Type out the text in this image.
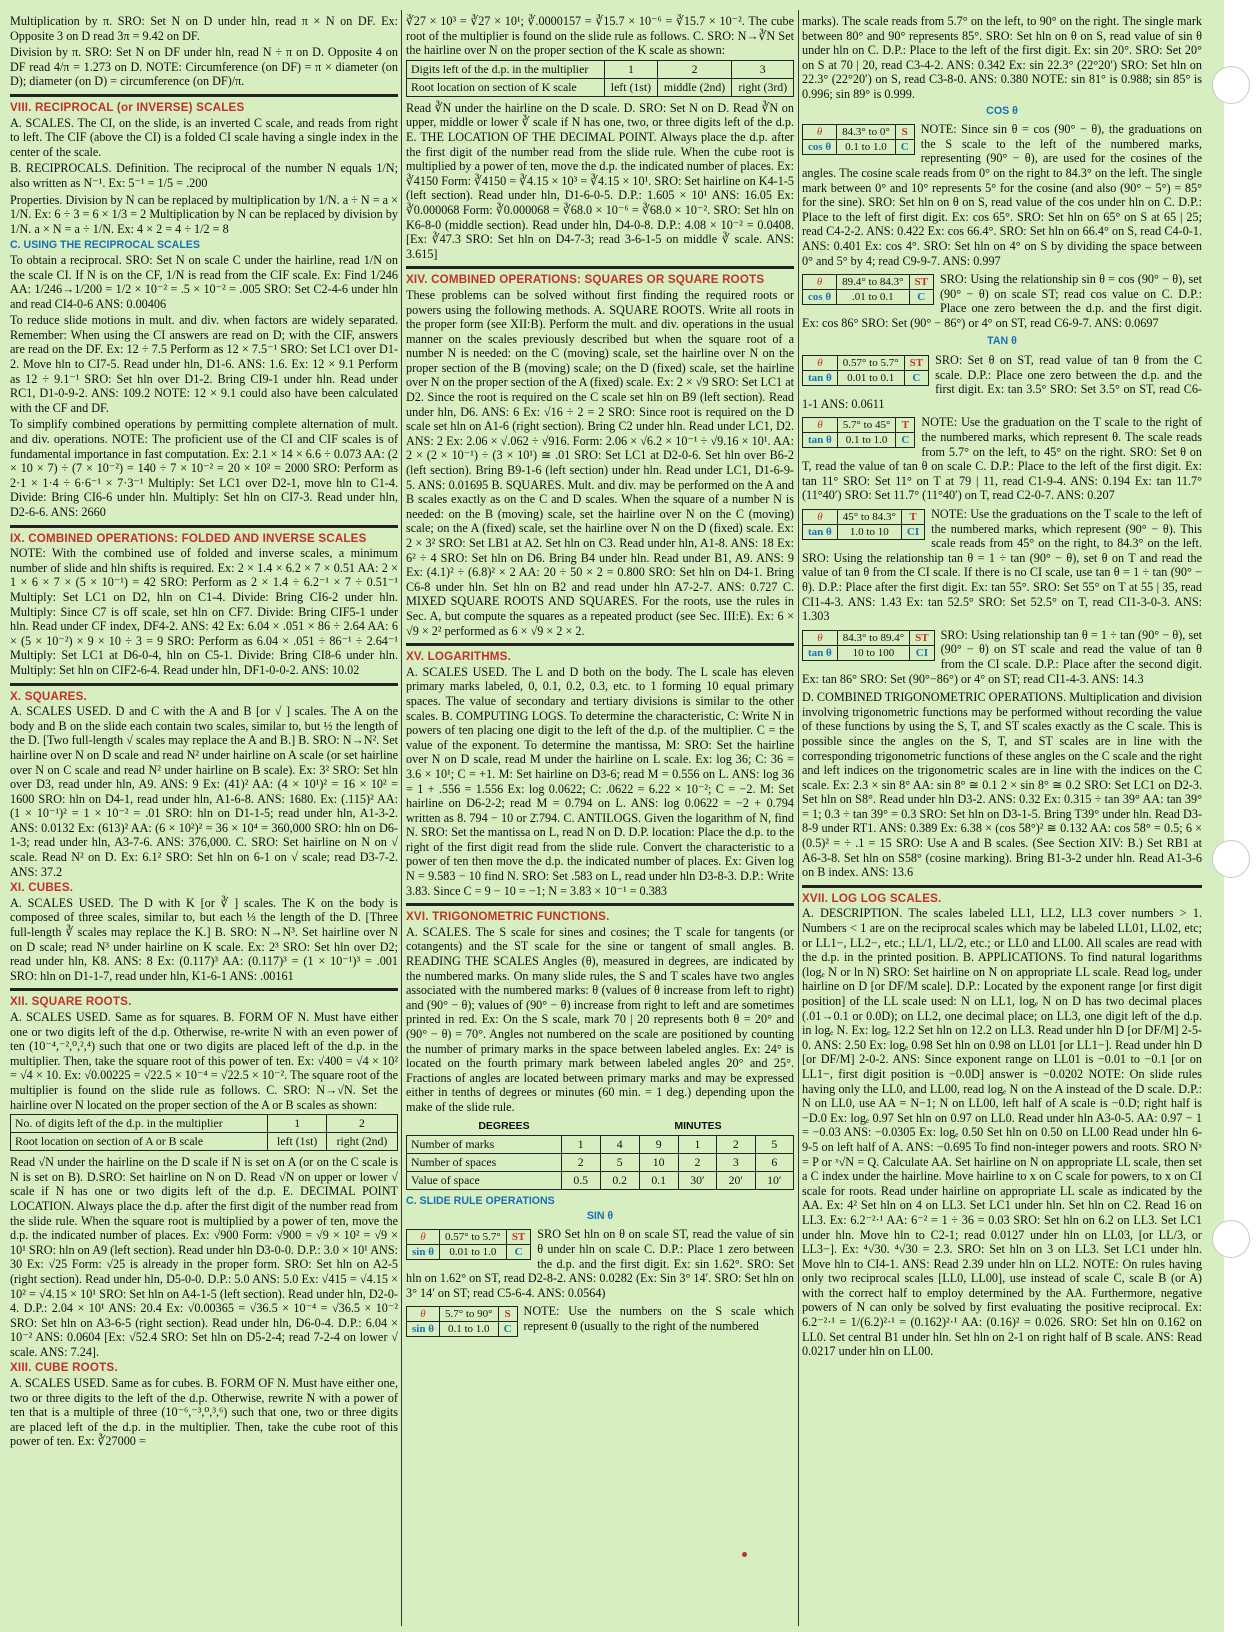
Multiplication by π. SRO: Set N on D under hln, read π × N on DF. Ex: Opposite 3 on D read 3π = 9.42 on DF.

Division by π. SRO: Set N on DF under hln, read N ÷ π on D. Opposite 4 on DF read 4/π = 1.273 on D. NOTE: Circumference (on DF) = π × diameter (on D); diameter (on D) = circumference (on DF)/π.

VIII. RECIPROCAL (or INVERSE) SCALES

A. SCALES. The CI, on the slide, is an inverted C scale, and reads from right to left. The CIF (above the CI) is a folded CI scale having a single index in the center of the scale.

B. RECIPROCALS. Definition. The reciprocal of the number N equals 1/N; also written as N⁻¹. Ex: 5⁻¹ = 1/5 = .200

Properties. Division by N can be replaced by multiplication by 1/N. a ÷ N = a × 1/N. Ex: 6 ÷ 3 = 6 × 1/3 = 2 Multiplication by N can be replaced by division by 1/N. a × N = a ÷ 1/N. Ex: 4 × 2 = 4 ÷ 1/2 = 8

C. USING THE RECIPROCAL SCALES

To obtain a reciprocal. SRO: Set N on scale C under the hairline, read 1/N on the scale CI. If N is on the CF, 1/N is read from the CIF scale. Ex: Find 1/246 AA: 1/246→1/200 = 1/2 × 10⁻² = .5 × 10⁻² = .005 SRO: Set C2-4-6 under hln and read CI4-0-6 ANS: 0.00406

To reduce slide motions in mult. and div. when factors are widely separated. Remember: When using the CI answers are read on D; with the CIF, answers are read on the DF. Ex: 12 ÷ 7.5 Perform as 12 × 7.5⁻¹ SRO: Set LC1 over D1-2. Move hln to CI7-5. Read under hln, D1-6. ANS: 1.6. Ex: 12 × 9.1 Perform as 12 ÷ 9.1⁻¹ SRO: Set hln over D1-2. Bring CI9-1 under hln. Read under RC1, D1-0-9-2. ANS: 109.2 NOTE: 12 × 9.1 could also have been calculated with the CF and DF.

To simplify combined operations by permitting complete alternation of mult. and div. operations. NOTE: The proficient use of the CI and CIF scales is of fundamental importance in fast computation. Ex: 2.1 × 14 × 6.6 ÷ 0.073 AA: (2 × 10 × 7) ÷ (7 × 10⁻²) = 140 ÷ 7 × 10⁻² = 20 × 10² = 2000 SRO: Perform as 2·1 × 1·4 ÷ 6·6⁻¹ × 7·3⁻¹ Multiply: Set LC1 over D2-1, move hln to C1-4. Divide: Bring CI6-6 under hln. Multiply: Set hln on CI7-3. Read under hln, D2-6-6. ANS: 2660

IX. COMBINED OPERATIONS: FOLDED AND INVERSE SCALES

NOTE: With the combined use of folded and inverse scales, a minimum number of slide and hln shifts is required. Ex: 2 × 1.4 × 6.2 × 7 × 0.51 AA: 2 × 1 × 6 × 7 × (5 × 10⁻¹) = 42 SRO: Perform as 2 × 1.4 ÷ 6.2⁻¹ × 7 ÷ 0.51⁻¹ Multiply: Set LC1 on D2, hln on C1-4. Divide: Bring CI6-2 under hln. Multiply: Since C7 is off scale, set hln on CF7. Divide: Bring CIF5-1 under hln. Read under CF index, DF4-2. ANS: 42 Ex: 6.04 × .051 × 86 ÷ 2.64 AA: 6 × (5 × 10⁻²) × 9 × 10 ÷ 3 = 9 SRO: Perform as 6.04 × .051 ÷ 86⁻¹ ÷ 2.64⁻¹ Multiply: Set LC1 at D6-0-4, hln on C5-1. Divide: Bring CI8-6 under hln. Multiply: Set hln on CIF2-6-4. Read under hln, DF1-0-0-2. ANS: 10.02

X. SQUARES.

A. SCALES USED. D and C with the A and B [or √ ] scales. The A on the body and B on the slide each contain two scales, similar to, but ½ the length of the D. [Two full-length √ scales may replace the A and B.] B. SRO: N→N². Set hairline over N on D scale and read N² under hairline on A scale (or set hairline over N on C scale and read N² under hairline on B scale). Ex: 3² SRO: Set hln over D3, read under hln, A9. ANS: 9 Ex: (41)² AA: (4 × 10¹)² = 16 × 10² = 1600 SRO: hln on D4-1, read under hln, A1-6-8. ANS: 1680. Ex: (.115)² AA: (1 × 10⁻¹)² = 1 × 10⁻² = .01 SRO: hln on D1-1-5; read under hln, A1-3-2. ANS: 0.0132 Ex: (613)² AA: (6 × 10²)² = 36 × 10⁴ = 360,000 SRO: hln on D6-1-3; read under hln, A3-7-6. ANS: 376,000. C. SRO: Set hairline on N on √ scale. Read N² on D. Ex: 6.1² SRO: Set hln on 6-1 on √ scale; read D3-7-2. ANS: 37.2

XI. CUBES.

A. SCALES USED. The D with K [or ∛ ] scales. The K on the body is composed of three scales, similar to, but each ⅓ the length of the D. [Three full-length ∛ scales may replace the K.] B. SRO: N→N³. Set hairline over N on D scale; read N³ under hairline on K scale. Ex: 2³ SRO: Set hln over D2; read under hln, K8. ANS: 8 Ex: (0.117)³ AA: (0.117)³ = (1 × 10⁻¹)³ = .001 SRO: hln on D1-1-7, read under hln, K1-6-1 ANS: .00161

XII. SQUARE ROOTS.

A. SCALES USED. Same as for squares. B. FORM OF N. Must have either one or two digits left of the d.p. Otherwise, re-write N with an even power of ten (10⁻⁴,⁻²,⁰,²,⁴) such that one or two digits are placed left of the d.p. in the multiplier. Then, take the square root of this power of ten. Ex: √400 = √4 × 10² = √4 × 10. Ex: √0.00225 = √22.5 × 10⁻⁴ = √22.5 × 10⁻². The square root of the multiplier is found on the slide rule as follows. C. SRO: N→√N. Set the hairline over N located on the proper section of the A or B scales as shown:

No. of digits left of the d.p. in the multiplier	1	2
Root location on section of A or B scale	left (1st)	right (2nd)

Read √N under the hairline on the D scale if N is set on A (or on the C scale is N is set on B). D.SRO: Set hairline on N on D. Read √N on upper or lower √ scale if N has one or two digits left of the d.p. E. DECIMAL POINT LOCATION. Always place the d.p. after the first digit of the number read from the slide rule. When the square root is multiplied by a power of ten, move the d.p. the indicated number of places. Ex: √900 Form: √900 = √9 × 10² = √9 × 10¹ SRO: hln on A9 (left section). Read under hln D3-0-0. D.P.: 3.0 × 10¹ ANS: 30 Ex: √25 Form: √25 is already in the proper form. SRO: Set hln on A2-5 (right section). Read under hln, D5-0-0. D.P.: 5.0 ANS: 5.0 Ex: √415 = √4.15 × 10² = √4.15 × 10¹ SRO: Set hln on A4-1-5 (left section). Read under hln, D2-0-4. D.P.: 2.04 × 10¹ ANS: 20.4 Ex: √0.00365 = √36.5 × 10⁻⁴ = √36.5 × 10⁻² SRO: Set hln on A3-6-5 (right section). Read under hln, D6-0-4. D.P.: 6.04 × 10⁻² ANS: 0.0604 [Ex: √52.4 SRO: Set hln on D5-2-4; read 7-2-4 on lower √ scale. ANS: 7.24].

XIII. CUBE ROOTS.

A. SCALES USED. Same as for cubes. B. FORM OF N. Must have either one, two or three digits to the left of the d.p. Otherwise, rewrite N with a power of ten that is a multiple of three (10⁻⁶,⁻³,⁰,³,⁶) such that one, two or three digits are placed left of the d.p. in the multiplier. Then, take the cube root of this power of ten. Ex: ∛27000 =

∛27 × 10³ = ∛27 × 10¹; ∛.0000157 = ∛15.7 × 10⁻⁶ = ∛15.7 × 10⁻². The cube root of the multiplier is found on the slide rule as follows. C. SRO: N→∛N Set the hairline over N on the proper section of the K scale as shown:

Digits left of the d.p. in the multiplier	1	2	3
Root location on section of K scale	left (1st)	middle (2nd)	right (3rd)

Read ∛N under the hairline on the D scale. D. SRO: Set N on D. Read ∛N on upper, middle or lower ∛ scale if N has one, two, or three digits left of the d.p. E. THE LOCATION OF THE DECIMAL POINT. Always place the d.p. after the first digit of the number read from the slide rule. When the cube root is multiplied by a power of ten, move the d.p. the indicated number of places. Ex: ∛4150 Form: ∛4150 = ∛4.15 × 10³ = ∛4.15 × 10¹. SRO: Set hairline on K4-1-5 (left section). Read under hln, D1-6-0-5. D.P.: 1.605 × 10¹ ANS: 16.05 Ex: ∛0.000068 Form: ∛0.000068 = ∛68.0 × 10⁻⁶ = ∛68.0 × 10⁻². SRO: Set hln on K6-8-0 (middle section). Read under hln, D4-0-8. D.P.: 4.08 × 10⁻² = 0.0408. [Ex: ∛47.3 SRO: Set hln on D4-7-3; read 3-6-1-5 on middle ∛ scale. ANS: 3.615]

XIV. COMBINED OPERATIONS: SQUARES OR SQUARE ROOTS

These problems can be solved without first finding the required roots or powers using the following methods. A. SQUARE ROOTS. Write all roots in the proper form (see XII:B). Perform the mult. and div. operations in the usual manner on the scales previously described but when the square root of a number N is needed: on the C (moving) scale, set the hairline over N on the proper section of the B (moving) scale; on the D (fixed) scale, set the hairline over N on the proper section of the A (fixed) scale. Ex: 2 × √9 SRO: Set LC1 at D2. Since the root is required on the C scale set hln on B9 (left section). Read under hln, D6. ANS: 6 Ex: √16 ÷ 2 = 2 SRO: Since root is required on the D scale set hln on A1-6 (right section). Bring C2 under hln. Read under LC1, D2. ANS: 2 Ex: 2.06 × √.062 ÷ √916. Form: 2.06 × √6.2 × 10⁻¹ ÷ √9.16 × 10¹. AA: 2 × (2 × 10⁻¹) ÷ (3 × 10¹) ≅ .01 SRO: Set LC1 at D2-0-6. Set hln over B6-2 (left section). Bring B9-1-6 (left section) under hln. Read under LC1, D1-6-9-5. ANS: 0.01695 B. SQUARES. Mult. and div. may be performed on the A and B scales exactly as on the C and D scales. When the square of a number N is needed: on the B (moving) scale, set the hairline over N on the C (moving) scale; on the A (fixed) scale, set the hairline over N on the D (fixed) scale. Ex: 2 × 3² SRO: Set LB1 at A2. Set hln on C3. Read under hln, A1-8. ANS: 18 Ex: 6² ÷ 4 SRO: Set hln on D6. Bring B4 under hln. Read under B1, A9. ANS: 9 Ex: (4.1)² ÷ (6.8)² × 2 AA: 20 ÷ 50 × 2 = 0.800 SRO: Set hln on D4-1. Bring C6-8 under hln. Set hln on B2 and read under hln A7-2-7. ANS: 0.727 C. MIXED SQUARE ROOTS AND SQUARES. For the roots, use the rules in Sec. A, but compute the squares as a repeated product (see Sec. III:E). Ex: 6 × √9 × 2² performed as 6 × √9 × 2 × 2.

XV. LOGARITHMS.

A. SCALES USED. The L and D both on the body. The L scale has eleven primary marks labeled, 0, 0.1, 0.2, 0.3, etc. to 1 forming 10 equal primary spaces. The value of secondary and tertiary divisions is similar to the other scales. B. COMPUTING LOGS. To determine the characteristic, C: Write N in powers of ten placing one digit to the left of the d.p. of the multiplier. C = the value of the exponent. To determine the mantissa, M: SRO: Set the hairline over N on D scale, read M under the hairline on L scale. Ex: log 36; C: 36 = 3.6 × 10¹; C = +1. M: Set hairline on D3-6; read M = 0.556 on L. ANS: log 36 = 1 + .556 = 1.556 Ex: log 0.0622; C: .0622 = 6.22 × 10⁻²; C = −2. M: Set hairline on D6-2-2; read M = 0.794 on L. ANS: log 0.0622 = −2 + 0.794 written as 8. 794 − 10 or 2̄.794. C. ANTILOGS. Given the logarithm of N, find N. SRO: Set the mantissa on L, read N on D. D.P. location: Place the d.p. to the right of the first digit read from the slide rule. Convert the characteristic to a power of ten then move the d.p. the indicated number of places. Ex: Given log N = 9.583 − 10 find N. SRO: Set .583 on L, read under hln D3-8-3. D.P.: Write 3.83. Since C = 9 − 10 = −1; N = 3.83 × 10⁻¹ = 0.383

XVI. TRIGONOMETRIC FUNCTIONS.

A. SCALES. The S scale for sines and cosines; the T scale for tangents (or cotangents) and the ST scale for the sine or tangent of small angles. B. READING THE SCALES Angles (θ), measured in degrees, are indicated by the numbered marks. On many slide rules, the S and T scales have two angles associated with the numbered marks: θ (values of θ increase from left to right) and (90° − θ); values of (90° − θ) increase from right to left and are sometimes printed in red. Ex: On the S scale, mark 70 | 20 represents both θ = 20° and (90° − θ) = 70°. Angles not numbered on the scale are positioned by counting the number of primary marks in the space between labeled angles. Ex: 24° is located on the fourth primary mark between labeled angles 20° and 25°. Fractions of angles are located between primary marks and may be expressed either in tenths of degrees or minutes (60 min. = 1 deg.) depending upon the make of the slide rule.

DEGREES	MINUTES
Number of marks	1	4	9	1	2	5
Number of spaces	2	5	10	2	3	6
Value of space	0.5	0.2	0.1	30′	20′	10′
C. SLIDE RULE OPERATIONS
SIN θ
θ	0.57° to 5.7°	ST
sin θ	0.01 to 1.0	C
SRO Set hln on θ on scale ST, read the value of sin θ under hln on scale C. D.P.: Place 1 zero between the d.p. and the first digit. Ex: sin 1.62°. SRO: Set hln on 1.62° on ST, read D2-8-2. ANS: 0.0282 (Ex: Sin 3° 14′. SRO: Set hln on 3° 14′ on ST; read C5-6-4. ANS: 0.0564)
θ	5.7° to 90°	S
sin θ	0.1 to 1.0	C
NOTE: Use the numbers on the S scale which represent θ (usually to the right of the numbered

marks). The scale reads from 5.7° on the left, to 90° on the right. The single mark between 80° and 90° represents 85°. SRO: Set hln on θ on S, read value of sin θ under hln on C. D.P.: Place to the left of the first digit. Ex: sin 20°. SRO: Set 20° on S at 70 | 20, read C3-4-2. ANS: 0.342 Ex: sin 22.3° (22°20′) SRO: Set hln on 22.3° (22°20′) on S, read C3-8-0. ANS: 0.380 NOTE: sin 81° is 0.988; sin 85° is 0.996; sin 89° is 0.999.

COS θ
θ	84.3° to 0°	S
cos θ	0.1 to 1.0	C
NOTE: Since sin θ = cos (90° − θ), the graduations on the S scale to the left of the numbered marks, representing (90° − θ), are used for the cosines of the angles. The cosine scale reads from 0° on the right to 84.3° on the left. The single mark between 0° and 10° represents 5° for the cosine (and also (90° − 5°) = 85° for the sine). SRO: Set hln on θ on S, read value of the cos under hln on C. D.P.: Place to the left of first digit. Ex: cos 65°. SRO: Set hln on 65° on S at 65 | 25; read C4-2-2. ANS: 0.422 Ex: cos 66.4°. SRO: Set hln on 66.4° on S, read C4-0-1. ANS: 0.401 Ex: cos 4°. SRO: Set hln on 4° on S by dividing the space between 0° and 5° by 4; read C9-9-7. ANS: 0.997
θ	89.4° to 84.3°	ST
cos θ	.01 to 0.1	C
SRO: Using the relationship sin θ = cos (90° − θ), set (90° − θ) on scale ST; read cos value on C. D.P.: Place one zero between the d.p. and the first digit. Ex: cos 86° SRO: Set (90° − 86°) or 4° on ST, read C6-9-7. ANS: 0.0697
TAN θ
θ	0.57° to 5.7°	ST
tan θ	0.01 to 0.1	C
SRO: Set θ on ST, read value of tan θ from the C scale. D.P.: Place one zero between the d.p. and the first digit. Ex: tan 3.5° SRO: Set 3.5° on ST, read C6-1-1 ANS: 0.0611
θ	5.7° to 45°	T
tan θ	0.1 to 1.0	C
NOTE: Use the graduation on the T scale to the right of the numbered marks, which represent θ. The scale reads from 5.7° on the left, to 45° on the right. SRO: Set θ on T, read the value of tan θ on scale C. D.P.: Place to the left of the first digit. Ex: tan 11° SRO: Set 11° on T at 79 | 11, read C1-9-4. ANS: 0.194 Ex: tan 11.7° (11°40′) SRO: Set 11.7° (11°40′) on T, read C2-0-7. ANS: 0.207
θ	45° to 84.3°	T
tan θ	1.0 to 10	CI
NOTE: Use the graduations on the T scale to the left of the numbered marks, which represent (90° − θ). This scale reads from 45° on the right, to 84.3° on the left. SRO: Using the relationship tan θ = 1 ÷ tan (90° − θ), set θ on T and read the value of tan θ from the CI scale. If there is no CI scale, use tan θ = 1 ÷ tan (90° − θ). D.P.: Place after the first digit. Ex: tan 55°. SRO: Set 55° on T at 55 | 35, read CI1-4-3. ANS: 1.43 Ex: tan 52.5° SRO: Set 52.5° on T, read CI1-3-0-3. ANS: 1.303
θ	84.3° to 89.4°	ST
tan θ	10 to 100	CI
SRO: Using relationship tan θ = 1 ÷ tan (90° − θ), set (90° − θ) on ST scale and read the value of tan θ from the CI scale. D.P.: Place after the second digit. Ex: tan 86° SRO: Set (90°−86°) or 4° on ST; read CI1-4-3. ANS: 14.3

D. COMBINED TRIGONOMETRIC OPERATIONS. Multiplication and division involving trigonometric functions may be performed without recording the value of these functions by using the S, T, and ST scales exactly as the C scale. This is possible since the angles on the S, T, and ST scales are in line with the corresponding trigonometric functions of these angles on the C scale and the right and left indices on the trigonometric scales are in line with the indices on the C scale. Ex: 2.3 × sin 8° AA: sin 8° ≅ 0.1 2 × sin 8° ≅ 0.2 SRO: Set LC1 on D2-3. Set hln on S8°. Read under hln D3-2. ANS: 0.32 Ex: 0.315 ÷ tan 39° AA: tan 39° = 1; 0.3 ÷ tan 39° = 0.3 SRO: Set hln on D3-1-5. Bring T39° under hln. Read D3-8-9 under RT1. ANS: 0.389 Ex: 6.38 × (cos 58°)² ≅ 0.132 AA: cos 58° = 0.5; 6 × (0.5)² = ÷ .1 = 15 SRO: Use A and B scales. (See Section XIV: B.) Set RB1 at A6-3-8. Set hln on S58° (cosine marking). Bring B1-3-2 under hln. Read A1-3-6 on B index. ANS: 13.6

XVII. LOG LOG SCALES.

A. DESCRIPTION. The scales labeled LL1, LL2, LL3 cover numbers > 1. Numbers < 1 are on the reciprocal scales which may be labeled LL01, LL02, etc; or LL1−, LL2−, etc.; LL/1, LL/2, etc.; or LL0 and LL00. All scales are read with the d.p. in the printed position. B. APPLICATIONS. To find natural logarithms (logₑ N or ln N) SRO: Set hairline on N on appropriate LL scale. Read logₑ under hairline on D [or DF/M scale]. D.P.: Located by the exponent range [or first digit position] of the LL scale used: N on LL1, logₑ N on D has two decimal places (.01→0.1 or 0.0D); on LL2, one decimal place; on LL3, one digit left of the d.p. in logₑ N. Ex: logₑ 12.2 Set hln on 12.2 on LL3. Read under hln D [or DF/M] 2-5-0. ANS: 2.50 Ex: logₑ 0.98 Set hln on 0.98 on LL01 [or LL1−]. Read under hln D [or DF/M] 2-0-2. ANS: Since exponent range on LL01 is −0.01 to −0.1 [or on LL1−, first digit position is −0.0D] answer is −0.0202 NOTE: On slide rules having only the LL0, and LL00, read logₑ N on the A instead of the D scale. D.P.: N on LL0, use AA = N−1; N on LL00, left half of A scale is −0.D; right half is −D.0 Ex: logₑ 0.97 Set hln on 0.97 on LL0. Read under hln A3-0-5. AA: 0.97 − 1 = −0.03 ANS: −0.0305 Ex: logₑ 0.50 Set hln on 0.50 on LL00 Read under hln 6-9-5 on left half of A. ANS: −0.695 To find non-integer powers and roots. SRO Nˣ = P or ˣ√N = Q. Calculate AA. Set hairline on N on appropriate LL scale, then set a C index under the hairline. Move hairline to x on C scale for powers, to x on CI scale for roots. Read under hairline on appropriate LL scale as indicated by the AA. Ex: 4² Set hln on 4 on LL3. Set LC1 under hln. Set hln on C2. Read 16 on LL3. Ex: 6.2⁻²·¹ AA: 6⁻² = 1 ÷ 36 = 0.03 SRO: Set hln on 6.2 on LL3. Set LC1 under hln. Move hln to C2-1; read 0.0127 under hln on LL03, [or LL/3, or LL3−]. Ex: ⁴√30. ⁴√30 = 2.3. SRO: Set hln on 3 on LL3. Set LC1 under hln. Move hln to CI4-1. ANS: Read 2.39 under hln on LL2. NOTE: On rules having only two reciprocal scales [LL0, LL00], use instead of scale C, scale B (or A) with the correct half to employ determined by the AA. Furthermore, negative powers of N can only be solved by first evaluating the positive reciprocal. Ex: 6.2⁻²·¹ = 1/(6.2)²·¹ = (0.162)²·¹ AA: (0.16)² = 0.026. SRO: Set hln on 0.162 on LL0. Set central B1 under hln. Set hln on 2-1 on right half of B scale. ANS: Read 0.0217 under hln on LL00.
